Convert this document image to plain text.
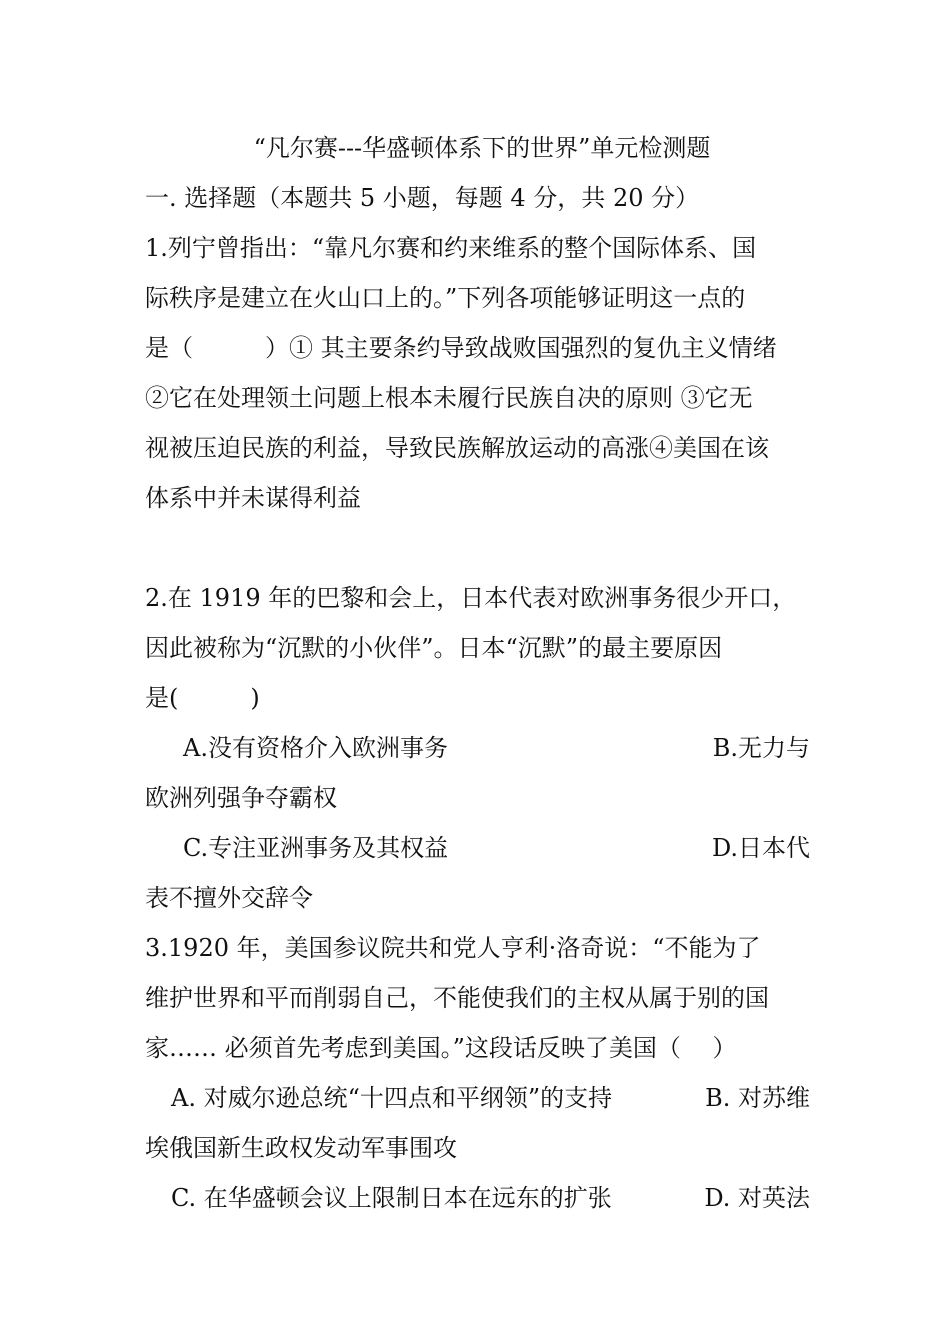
“凡尔赛---华盛顿体系下的世界”单元检测题
一. 选择题（本题共 5 小题，每题 4 分，共 20 分）
1.列宁曾指出：“靠凡尔赛和约来维系的整个国际体系、国
际秩序是建立在火山口上的。”下列各项能够证明这一点的
是（　　　）① 其主要条约导致战败国强烈的复仇主义情绪
②它在处理领土问题上根本未履行民族自决的原则 ③它无
视被压迫民族的利益，导致民族解放运动的高涨④美国在该
体系中并未谋得利益
2.在 1919 年的巴黎和会上，日本代表对欧洲事务很少开口，
因此被称为“沉默的小伙伴”。日本“沉默”的最主要原因
是(　　　)
A.没有资格介入欧洲事务	B.无力与
欧洲列强争夺霸权
C.专注亚洲事务及其权益	D.日本代
表不擅外交辞令
3.1920 年，美国参议院共和党人亨利·洛奇说：“不能为了
维护世界和平而削弱自己，不能使我们的主权从属于别的国
家…… 必须首先考虑到美国。”这段话反映了美国（　 ）
A. 对威尔逊总统“十四点和平纲领”的支持	B. 对苏维
埃俄国新生政权发动军事围攻
C. 在华盛顿会议上限制日本在远东的扩张	D. 对英法
